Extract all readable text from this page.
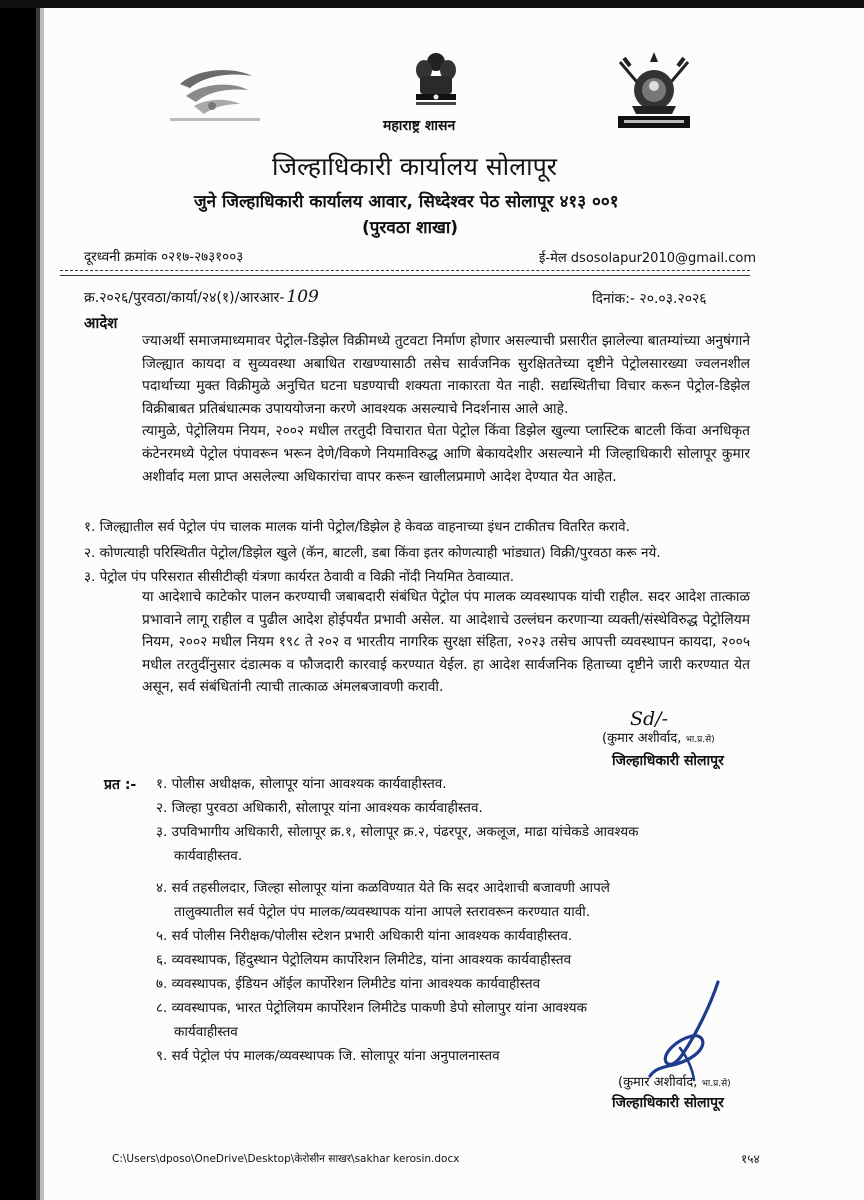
महाराष्ट्र शासन
जिल्हाधिकारी कार्यालय सोलापूर
जुने जिल्हाधिकारी कार्यालय आवार, सिध्देश्वर पेठ सोलापूर ४१३ ००१
(पुरवठा शाखा)
दूरध्वनी क्रमांक ०२१७-२७३१००३	ई-मेल dsosolapur2010@gmail.com
क्र.२०२६/पुरवठा/कार्या/२४(१)/आरआर- 109	दिनांक:- २०.०३.२०२६
आदेश
ज्याअर्थी समाजमाध्यमावर पेट्रोल-डिझेल विक्रीमध्ये तुटवटा निर्माण होणार असल्याची प्रसारीत झालेल्या बातम्यांच्या अनुषंगाने जिल्ह्यात कायदा व सुव्यवस्था अबाधित राखण्यासाठी तसेच सार्वजनिक सुरक्षिततेच्या दृष्टीने पेट्रोलसारख्या ज्वलनशील पदार्थाच्या मुक्त विक्रीमुळे अनुचित घटना घडण्याची शक्यता नाकारता येत नाही. सद्यस्थितीचा विचार करून पेट्रोल-डिझेल विक्रीबाबत प्रतिबंधात्मक उपाययोजना करणे आवश्यक असल्याचे निदर्शनास आले आहे.
त्यामुळे, पेट्रोलियम नियम, २००२ मधील तरतुदी विचारात घेता पेट्रोल किंवा डिझेल खुल्या प्लास्टिक बाटली किंवा अनधिकृत कंटेनरमध्ये पेट्रोल पंपावरून भरून देणे/विकणे नियमाविरुद्ध आणि बेकायदेशीर असल्याने मी जिल्हाधिकारी सोलापूर कुमार अशीर्वाद मला प्राप्त असलेल्या अधिकारांचा वापर करून खालीलप्रमाणे आदेश देण्यात येत आहेत.
१. जिल्ह्यातील सर्व पेट्रोल पंप चालक मालक यांनी पेट्रोल/डिझेल हे केवळ वाहनाच्या इंधन टाकीतच वितरित करावे.
२. कोणत्याही परिस्थितीत पेट्रोल/डिझेल खुले (कॅन, बाटली, डबा किंवा इतर कोणत्याही भांड्यात) विक्री/पुरवठा करू नये.
३. पेट्रोल पंप परिसरात सीसीटीव्ही यंत्रणा कार्यरत ठेवावी व विक्री नोंदी नियमित ठेवाव्यात.
या आदेशाचे काटेकोर पालन करण्याची जबाबदारी संबंधित पेट्रोल पंप मालक व्यवस्थापक यांची राहील. सदर आदेश तात्काळ प्रभावाने लागू राहील व पुढील आदेश होईपर्यंत प्रभावी असेल. या आदेशाचे उल्लंघन करणाऱ्या व्यक्ती/संस्थेविरुद्ध पेट्रोलियम नियम, २००२ मधील नियम १९८ ते २०२ व भारतीय नागरिक सुरक्षा संहिता, २०२३ तसेच आपत्ती व्यवस्थापन कायदा, २००५ मधील तरतुदींनुसार दंडात्मक व फौजदारी कारवाई करण्यात येईल. हा आदेश सार्वजनिक हिताच्या दृष्टीने जारी करण्यात येत असून, सर्व संबंधितांनी त्याची तात्काळ अंमलबजावणी करावी.
Sd/-
(कुमार अशीर्वाद, भा.प्र.से)
जिल्हाधिकारी सोलापूर
प्रत :- १. पोलीस अधीक्षक, सोलापूर यांना आवश्यक कार्यवाहीस्तव.
२. जिल्हा पुरवठा अधिकारी, सोलापूर यांना आवश्यक कार्यवाहीस्तव.
३. उपविभागीय अधिकारी, सोलापूर क्र.१, सोलापूर क्र.२, पंढरपूर, अकलूज, माढा यांचेकडे आवश्यक
कार्यवाहीस्तव.
४. सर्व तहसीलदार, जिल्हा सोलापूर यांना कळविण्यात येते कि सदर आदेशाची बजावणी आपले
तालुक्यातील सर्व पेट्रोल पंप मालक/व्यवस्थापक यांना आपले स्तरावरून करण्यात यावी.
५. सर्व पोलीस निरीक्षक/पोलीस स्टेशन प्रभारी अधिकारी यांना आवश्यक कार्यवाहीस्तव.
६. व्यवस्थापक, हिंदुस्थान पेट्रोलियम कार्पोरेशन लिमीटेड, यांना आवश्यक कार्यवाहीस्तव
७. व्यवस्थापक, ईडियन ऑईल कार्पोरेशन लिमीटेड यांना आवश्यक कार्यवाहीस्तव
८. व्यवस्थापक, भारत पेट्रोलियम कार्पोरेशन लिमीटेड पाकणी डेपो सोलापुर यांना आवश्यक
कार्यवाहीस्तव
९. सर्व पेट्रोल पंप मालक/व्यवस्थापक जि. सोलापूर यांना अनुपालनास्तव
(कुमार अशीर्वाद, भा.प्र.से)
जिल्हाधिकारी सोलापूर
C:\Users\dposo\OneDrive\Desktop\केरोसीन साखर\sakhar kerosin.docx	१५४
